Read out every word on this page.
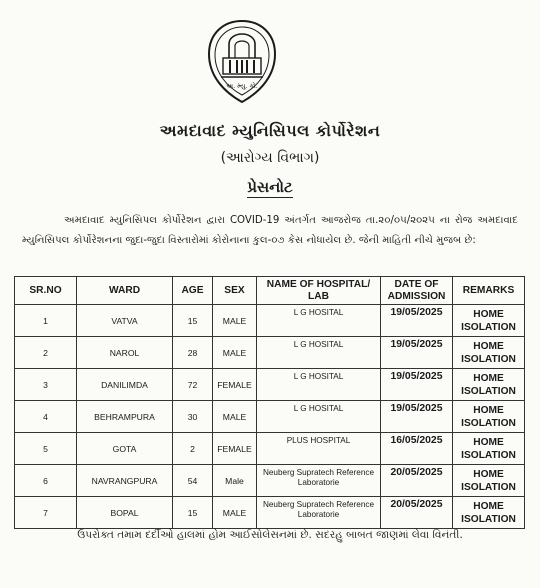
અ. મ્યુ. કો.
અમદાવાદ મ્યુનિસિપલ કોર્પોરેશન
(આરોગ્ય વિભાગ)
પ્રેસનોટ
અમદાવાદ મ્યુનિસિપલ કોર્પોરેશન દ્વારા COVID-19 અંતર્ગત આજરોજ તા.૨૦/૦૫/૨૦૨૫ ના રોજ અમદાવાદ મ્યુનિસિપલ કોર્પોરેશનના જુદા-જુદા વિસ્તારોમાં કોરોનાના કુલ-૦૭ કેસ નોધાયેલ છે. જેની માહિતી નીચે મુજબ છે:
SR.NO	WARD	AGE	SEX	NAME OF HOSPITAL/ LAB	DATE OF ADMISSION	REMARKS
1	VATVA	15	MALE	L G HOSITAL	19/05/2025	HOME ISOLATION
2	NAROL	28	MALE	L G HOSITAL	19/05/2025	HOME ISOLATION
3	DANILIMDA	72	FEMALE	L G HOSITAL	19/05/2025	HOME ISOLATION
4	BEHRAMPURA	30	MALE	L G HOSITAL	19/05/2025	HOME ISOLATION
5	GOTA	2	FEMALE	PLUS HOSPITAL	16/05/2025	HOME ISOLATION
6	NAVRANGPURA	54	Male	Neuberg Supratech Reference Laboratorie	20/05/2025	HOME ISOLATION
7	BOPAL	15	MALE	Neuberg Supratech Reference Laboratorie	20/05/2025	HOME ISOLATION
ઉપરોક્ત તમામ દર્દીઓ હાલમાં હોમ આઈસોલેસનમાં છે. સદરહુ બાબત જાણમાં લેવા વિનંતી.
